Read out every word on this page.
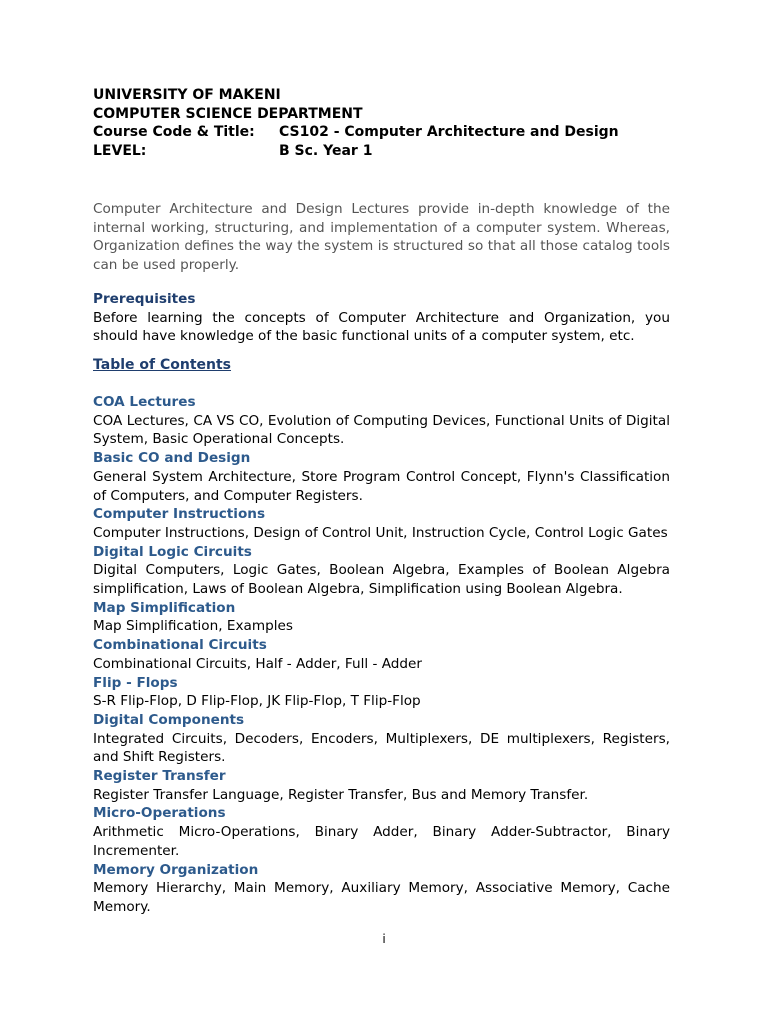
UNIVERSITY OF MAKENI
COMPUTER SCIENCE DEPARTMENT
Course Code & Title:	CS102 - Computer Architecture and Design
LEVEL:	B Sc. Year 1
Computer Architecture and Design Lectures provide in-depth knowledge of the internal working, structuring, and implementation of a computer system. Whereas, Organization defines the way the system is structured so that all those catalog tools can be used properly.
Prerequisites
Before learning the concepts of Computer Architecture and Organization, you should have knowledge of the basic functional units of a computer system, etc.
Table of Contents
COA Lectures
COA Lectures, CA VS CO, Evolution of Computing Devices, Functional Units of Digital System, Basic Operational Concepts.
Basic CO and Design
General System Architecture, Store Program Control Concept, Flynn's Classification of Computers, and Computer Registers.
Computer Instructions
Computer Instructions, Design of Control Unit, Instruction Cycle, Control Logic Gates
Digital Logic Circuits
Digital Computers, Logic Gates, Boolean Algebra, Examples of Boolean Algebra simplification, Laws of Boolean Algebra, Simplification using Boolean Algebra.
Map Simplification
Map Simplification, Examples
Combinational Circuits
Combinational Circuits, Half - Adder, Full - Adder
Flip - Flops
S-R Flip-Flop, D Flip-Flop, JK Flip-Flop, T Flip-Flop
Digital Components
Integrated Circuits, Decoders, Encoders, Multiplexers, DE multiplexers, Registers, and Shift Registers.
Register Transfer
Register Transfer Language, Register Transfer, Bus and Memory Transfer.
Micro-Operations
Arithmetic Micro-Operations, Binary Adder, Binary Adder-Subtractor, Binary Incrementer.
Memory Organization
Memory Hierarchy, Main Memory, Auxiliary Memory, Associative Memory, Cache Memory.
i
